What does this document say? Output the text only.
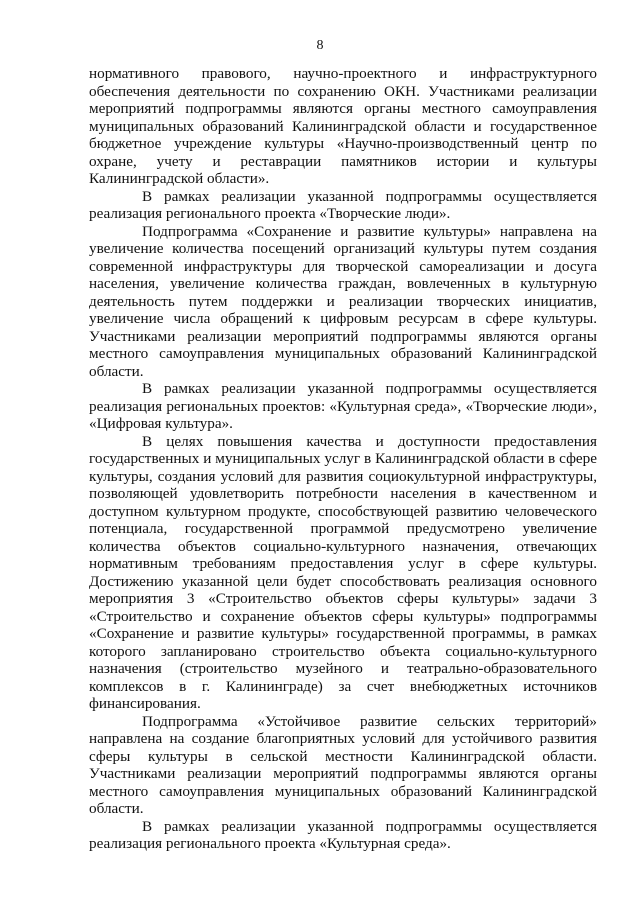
8

нормативного правового, научно-проектного и инфраструктурного обеспечения деятельности по сохранению ОКН. Участниками реализации мероприятий подпрограммы являются органы местного самоуправления муниципальных образований Калининградской области и государственное бюджетное учреждение культуры «Научно-производственный центр по охране, учету и реставрации памятников истории и культуры Калининградской области».

В рамках реализации указанной подпрограммы осуществляется реализация регионального проекта «Творческие люди».

Подпрограмма «Сохранение и развитие культуры» направлена на увеличение количества посещений организаций культуры путем создания современной инфраструктуры для творческой самореализации и досуга населения, увеличение количества граждан, вовлеченных в культурную деятельность путем поддержки и реализации творческих инициатив, увеличение числа обращений к цифровым ресурсам в сфере культуры. Участниками реализации мероприятий подпрограммы являются органы местного самоуправления муниципальных образований Калининградской области.

В рамках реализации указанной подпрограммы осуществляется реализация региональных проектов: «Культурная среда», «Творческие люди», «Цифровая культура».

В целях повышения качества и доступности предоставления государственных и муниципальных услуг в Калининградской области в сфере культуры, создания условий для развития социокультурной инфраструктуры, позволяющей удовлетворить потребности населения в качественном и доступном культурном продукте, способствующей развитию человеческого потенциала, государственной программой предусмотрено увеличение количества объектов социально-культурного назначения, отвечающих нормативным требованиям предоставления услуг в сфере культуры. Достижению указанной цели будет способствовать реализация основного мероприятия 3 «Строительство объектов сферы культуры» задачи 3 «Строительство и сохранение объектов сферы культуры» подпрограммы «Сохранение и развитие культуры» государственной программы, в рамках которого запланировано строительство объекта социально-культурного назначения (строительство музейного и театрально-образовательного комплексов в г. Калининграде) за счет внебюджетных источников финансирования.

Подпрограмма «Устойчивое развитие сельских территорий» направлена на создание благоприятных условий для устойчивого развития сферы культуры в сельской местности Калининградской области. Участниками реализации мероприятий подпрограммы являются органы местного самоуправления муниципальных образований Калининградской области.

В рамках реализации указанной подпрограммы осуществляется реализация регионального проекта «Культурная среда».
